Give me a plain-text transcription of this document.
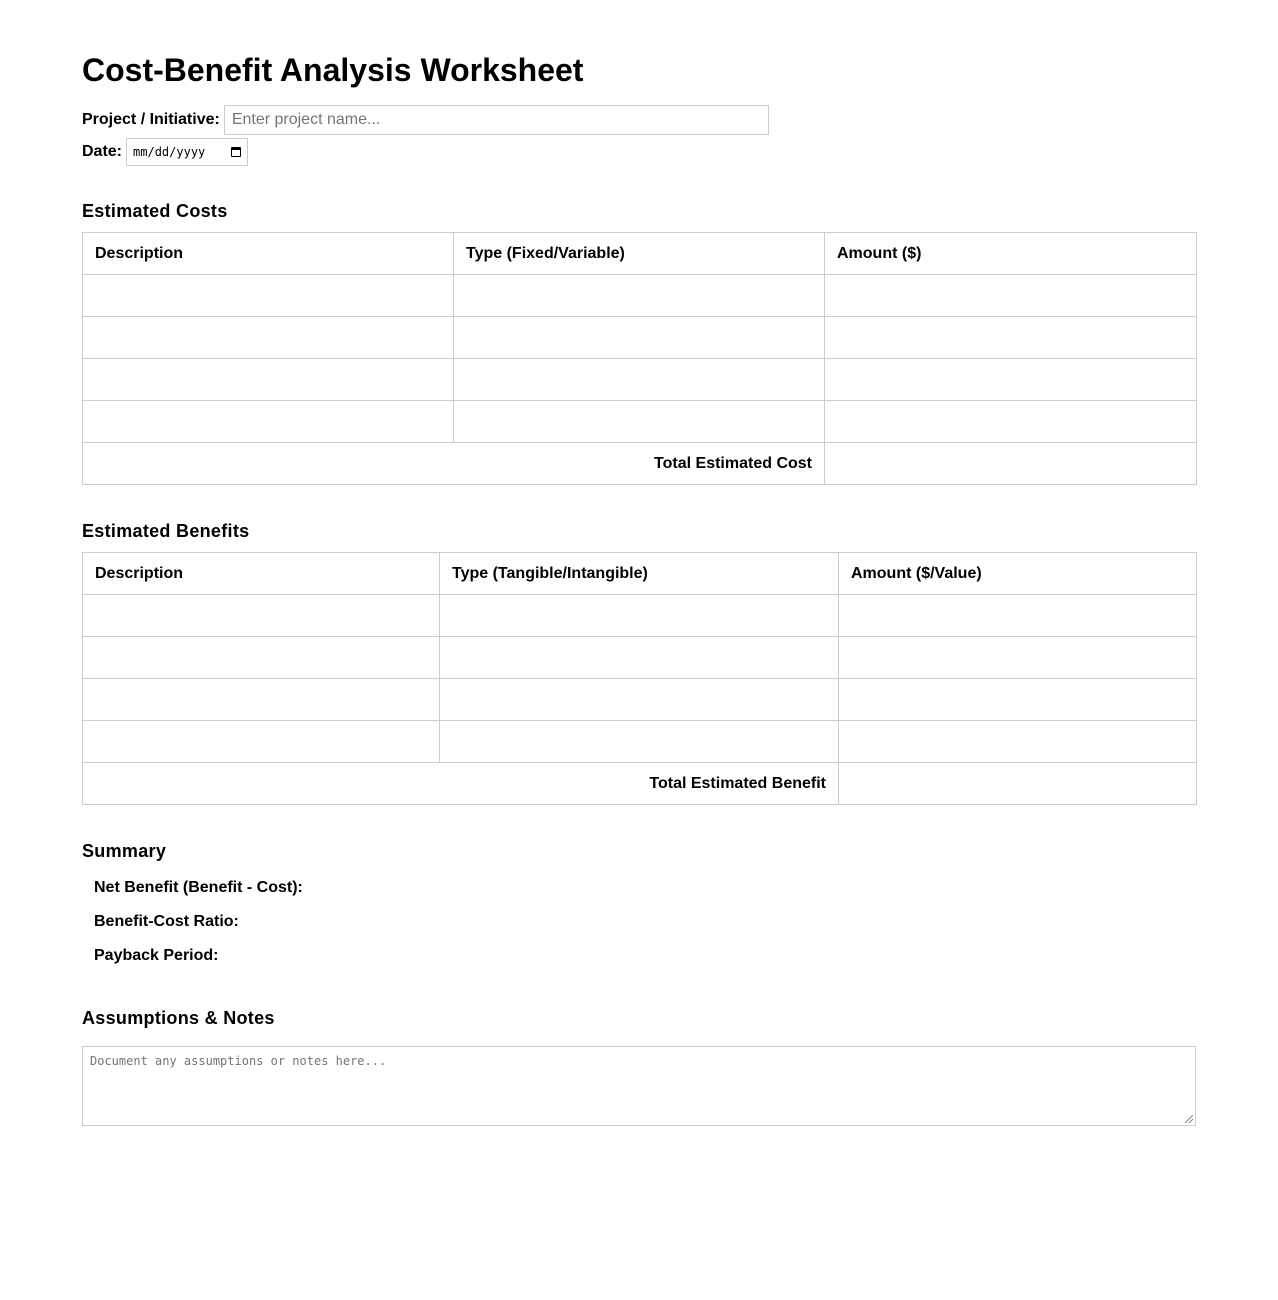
Cost-Benefit Analysis Worksheet
Project / Initiative: Enter project name...
Date: mm/dd/yyyy
Estimated Costs
Description	Type (Fixed/Variable)	Amount ($)

Total Estimated Cost		
Estimated Benefits
Description	Type (Tangible/Intangible)	Amount ($/Value)

Total Estimated Benefit		
Summary
Net Benefit (Benefit - Cost):
Benefit-Cost Ratio:
Payback Period:
Assumptions & Notes
Document any assumptions or notes here...
